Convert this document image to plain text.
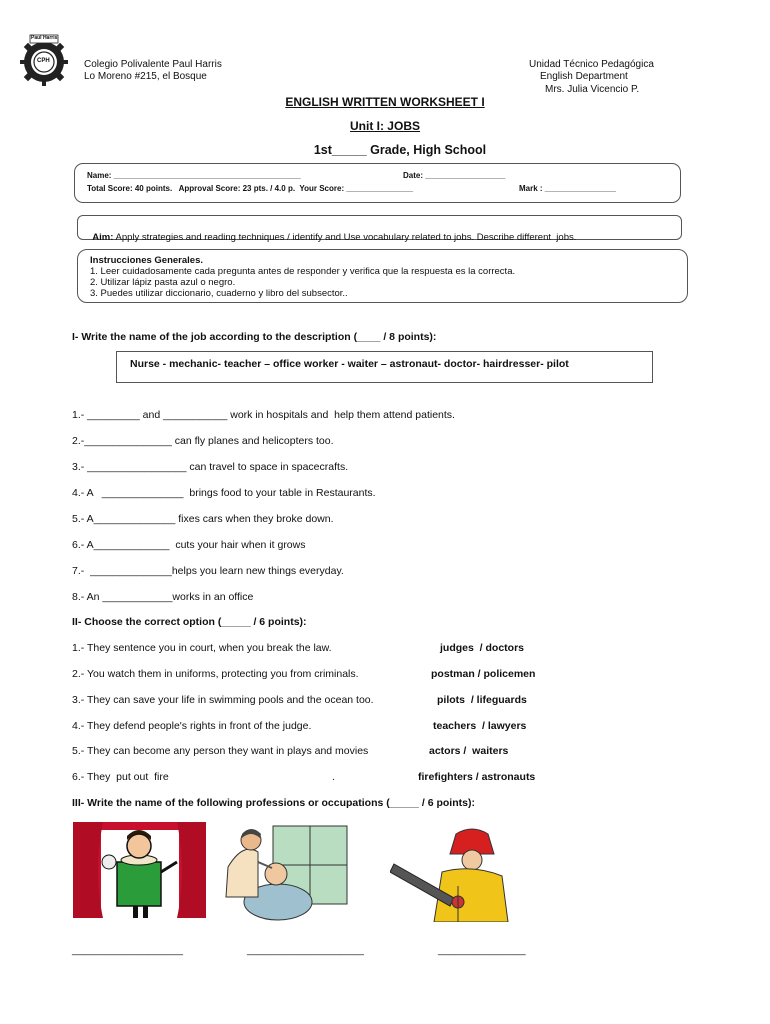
Paul Harris
CPH	Colegio Polivalente Paul Harris
Lo Moreno #215, el Bosque
Unidad Técnico Pedagógica
English Department
Mrs. Julia Vicencio P.
ENGLISH WRITTEN WORKSHEET I
Unit I: JOBS
1st_____ Grade, High School
Name: __________________________________________	Date: __________________
Total Score: 40 points.   Approval Score: 23 pts. / 4.0 p.  Your Score: _______________	Mark : ________________

Aim: Apply strategies and reading techniques / identify and Use vocabulary related to jobs. Describe different  jobs.

Instrucciones Generales.
1. Leer cuidadosamente cada pregunta antes de responder y verifica que la respuesta es la correcta.
2. Utilizar lápiz pasta azul o negro.
3. Puedes utilizar diccionario, cuaderno y libro del subsector..
I- Write the name of the job according to the description (____ / 8 points):
Nurse - mechanic- teacher – office worker - waiter – astronaut- doctor- hairdresser- pilot
1.- _________ and ___________ work in hospitals and  help them attend patients.
2.-_______________ can fly planes and helicopters too.
3.- _________________ can travel to space in spacecrafts.
4.- A   ______________  brings food to your table in Restaurants.
5.- A______________ fixes cars when they broke down.
6.- A_____________  cuts your hair when it grows
7.-  ______________helps you learn new things everyday.
8.- An ____________works in an office
II- Choose the correct option (_____ / 6 points):
1.- They sentence you in court, when you break the law.	judges  / doctors
2.- You watch them in uniforms, protecting you from criminals.	postman / policemen
3.- They can save your life in swimming pools and the ocean too.	pilots  / lifeguards
4.- They defend people's rights in front of the judge.	teachers  / lawyers
5.- They can become any person they want in plays and movies	actors /  waiters
6.- They  put out  fire                                                        .	firefighters / astronauts
III- Write the name of the following professions or occupations (_____ / 6 points):
___________________	____________________	_______________
